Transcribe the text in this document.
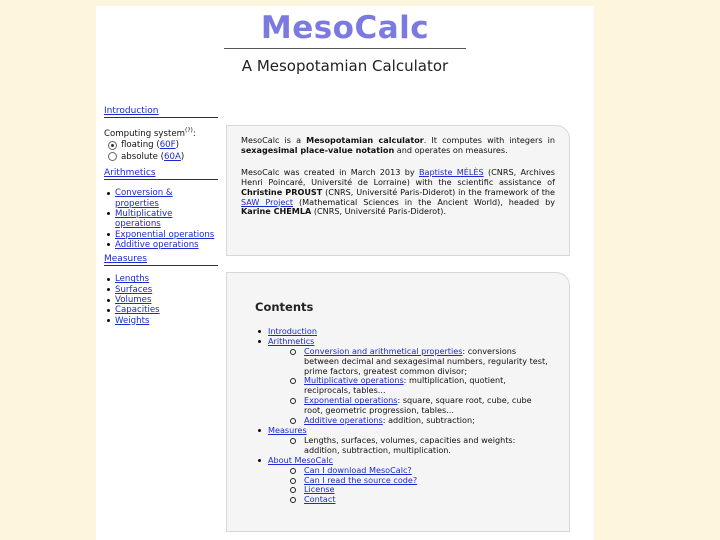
MesoCalc
A Mesopotamian Calculator
Introduction
Computing system(?):
floating ( 60F )
absolute ( 60A )
Arithmetics
Conversion & properties
Multiplicative operations
Exponential operations
Additive operations
Measures
Lengths
Surfaces
Volumes
Capacities
Weights

MesoCalc is a Mesopotamian calculator. It computes with integers in sexagesimal place-value notation and operates on measures.

MesoCalc was created in March 2013 by Baptiste MÉLÈS (CNRS, Archives Henri Poincaré, Université de Lorraine) with the scientific assistance of Christine PROUST (CNRS, Université Paris-Diderot) in the framework of the SAW Project (Mathematical Sciences in the Ancient World), headed by Karine CHEMLA (CNRS, Université Paris-Diderot).

Contents
Introduction
Arithmetics
Conversion and arithmetical properties: conversions between decimal and sexagesimal numbers, regularity test, prime factors, greatest common divisor;
Multiplicative operations: multiplication, quotient, reciprocals, tables...
Exponential operations: square, square root, cube, cube root, geometric progression, tables...
Additive operations: addition, subtraction;
Measures
Lengths, surfaces, volumes, capacities and weights: addition, subtraction, multiplication.
About MesoCalc
Can I download MesoCalc?
Can I read the source code?
License
Contact
